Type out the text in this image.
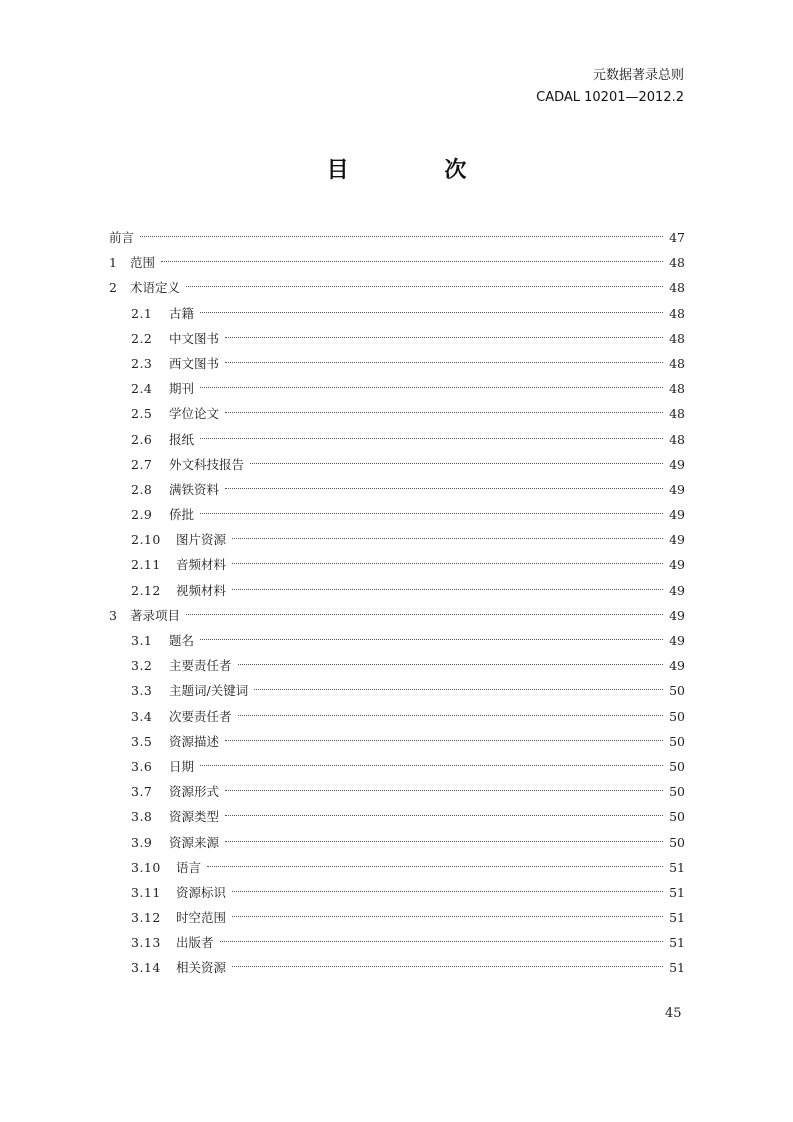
元数据著录总则
CADAL 10201—2012.2
目 次
前言	47
1	范围	48
2	术语定义	48
2.1	古籍	48
2.2	中文图书	48
2.3	西文图书	48
2.4	期刊	48
2.5	学位论文	48
2.6	报纸	48
2.7	外文科技报告	49
2.8	满铁资料	49
2.9	侨批	49
2.10	图片资源	49
2.11	音频材料	49
2.12	视频材料	49
3	著录项目	49
3.1	题名	49
3.2	主要责任者	49
3.3	主题词/关键词	50
3.4	次要责任者	50
3.5	资源描述	50
3.6	日期	50
3.7	资源形式	50
3.8	资源类型	50
3.9	资源来源	50
3.10	语言	51
3.11	资源标识	51
3.12	时空范围	51
3.13	出版者	51
3.14	相关资源	51
45
